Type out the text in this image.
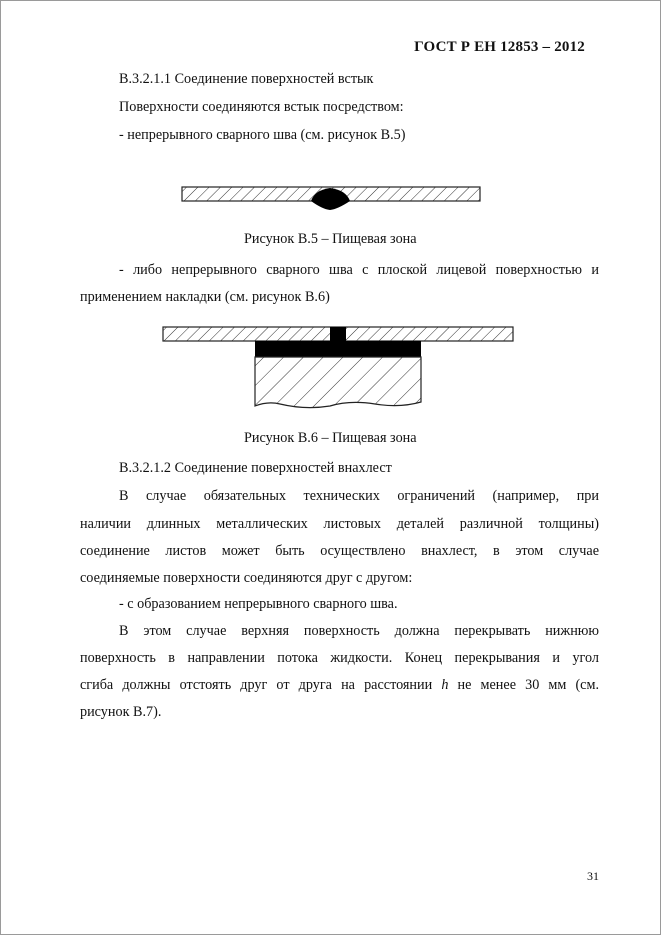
ГОСТ Р ЕН 12853 – 2012
В.3.2.1.1 Соединение поверхностей встык
Поверхности соединяются встык посредством:
- непрерывного сварного шва (см. рисунок В.5)
Рисунок В.5 – Пищевая зона
- либо непрерывного сварного шва с плоской лицевой поверхностью и
применением накладки (см. рисунок В.6)
Рисунок В.6 – Пищевая зона
В.3.2.1.2 Соединение поверхностей внахлест
В случае обязательных технических ограничений (например, при
наличии длинных металлических листовых деталей различной толщины)
соединение листов может быть осуществлено внахлест, в этом случае
соединяемые поверхности соединяются друг с другом:
- с образованием непрерывного сварного шва.
В этом случае верхняя поверхность должна перекрывать нижнюю
поверхность в направлении потока жидкости. Конец перекрывания и угол
сгиба должны отстоять друг от друга на расстоянии h не менее 30 мм (см.
рисунок В.7).
31
